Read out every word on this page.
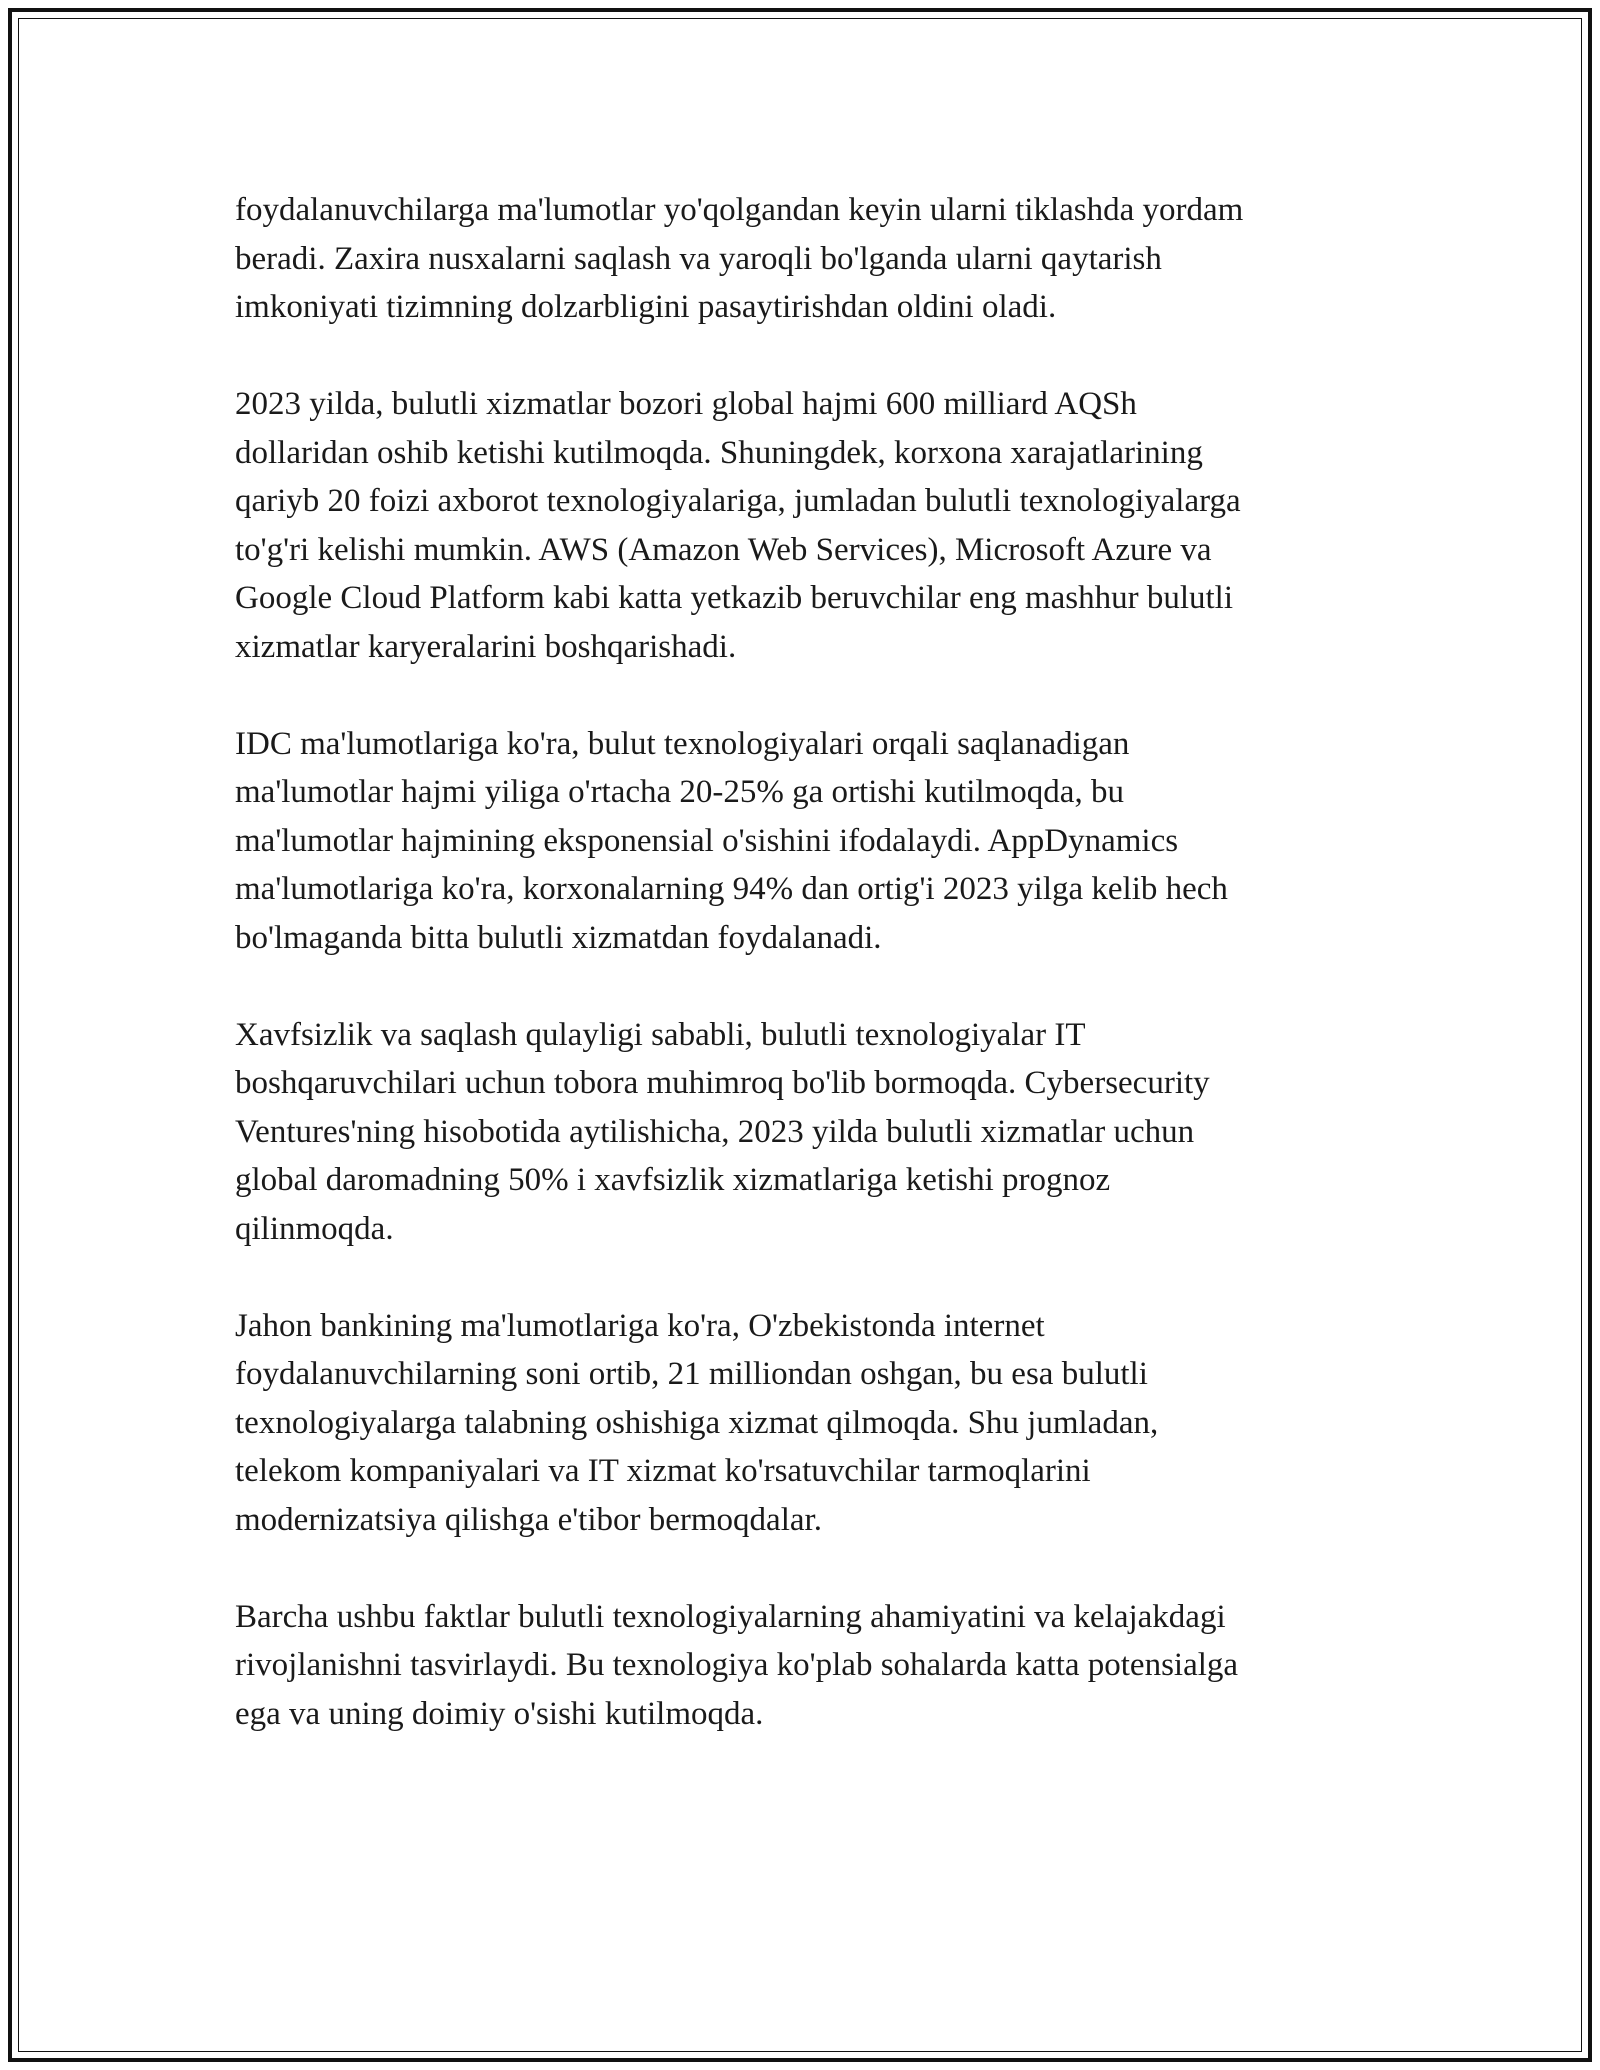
foydalanuvchilarga ma'lumotlar yo'qolgandan keyin ularni tiklashda yordam
beradi. Zaxira nusxalarni saqlash va yaroqli bo'lganda ularni qaytarish
imkoniyati tizimning dolzarbligini pasaytirishdan oldini oladi.

2023 yilda, bulutli xizmatlar bozori global hajmi 600 milliard AQSh
dollaridan oshib ketishi kutilmoqda. Shuningdek, korxona xarajatlarining
qariyb 20 foizi axborot texnologiyalariga, jumladan bulutli texnologiyalarga
to'g'ri kelishi mumkin. AWS (Amazon Web Services), Microsoft Azure va
Google Cloud Platform kabi katta yetkazib beruvchilar eng mashhur bulutli
xizmatlar karyeralarini boshqarishadi.

IDC ma'lumotlariga ko'ra, bulut texnologiyalari orqali saqlanadigan
ma'lumotlar hajmi yiliga o'rtacha 20-25% ga ortishi kutilmoqda, bu
ma'lumotlar hajmining eksponensial o'sishini ifodalaydi. AppDynamics
ma'lumotlariga ko'ra, korxonalarning 94% dan ortig'i 2023 yilga kelib hech
bo'lmaganda bitta bulutli xizmatdan foydalanadi.

Xavfsizlik va saqlash qulayligi sababli, bulutli texnologiyalar IT
boshqaruvchilari uchun tobora muhimroq bo'lib bormoqda. Cybersecurity
Ventures'ning hisobotida aytilishicha, 2023 yilda bulutli xizmatlar uchun
global daromadning 50% i xavfsizlik xizmatlariga ketishi prognoz
qilinmoqda.

Jahon bankining ma'lumotlariga ko'ra, O'zbekistonda internet
foydalanuvchilarning soni ortib, 21 milliondan oshgan, bu esa bulutli
texnologiyalarga talabning oshishiga xizmat qilmoqda. Shu jumladan,
telekom kompaniyalari va IT xizmat ko'rsatuvchilar tarmoqlarini
modernizatsiya qilishga e'tibor bermoqdalar.

Barcha ushbu faktlar bulutli texnologiyalarning ahamiyatini va kelajakdagi
rivojlanishni tasvirlaydi. Bu texnologiya ko'plab sohalarda katta potensialga
ega va uning doimiy o'sishi kutilmoqda.
